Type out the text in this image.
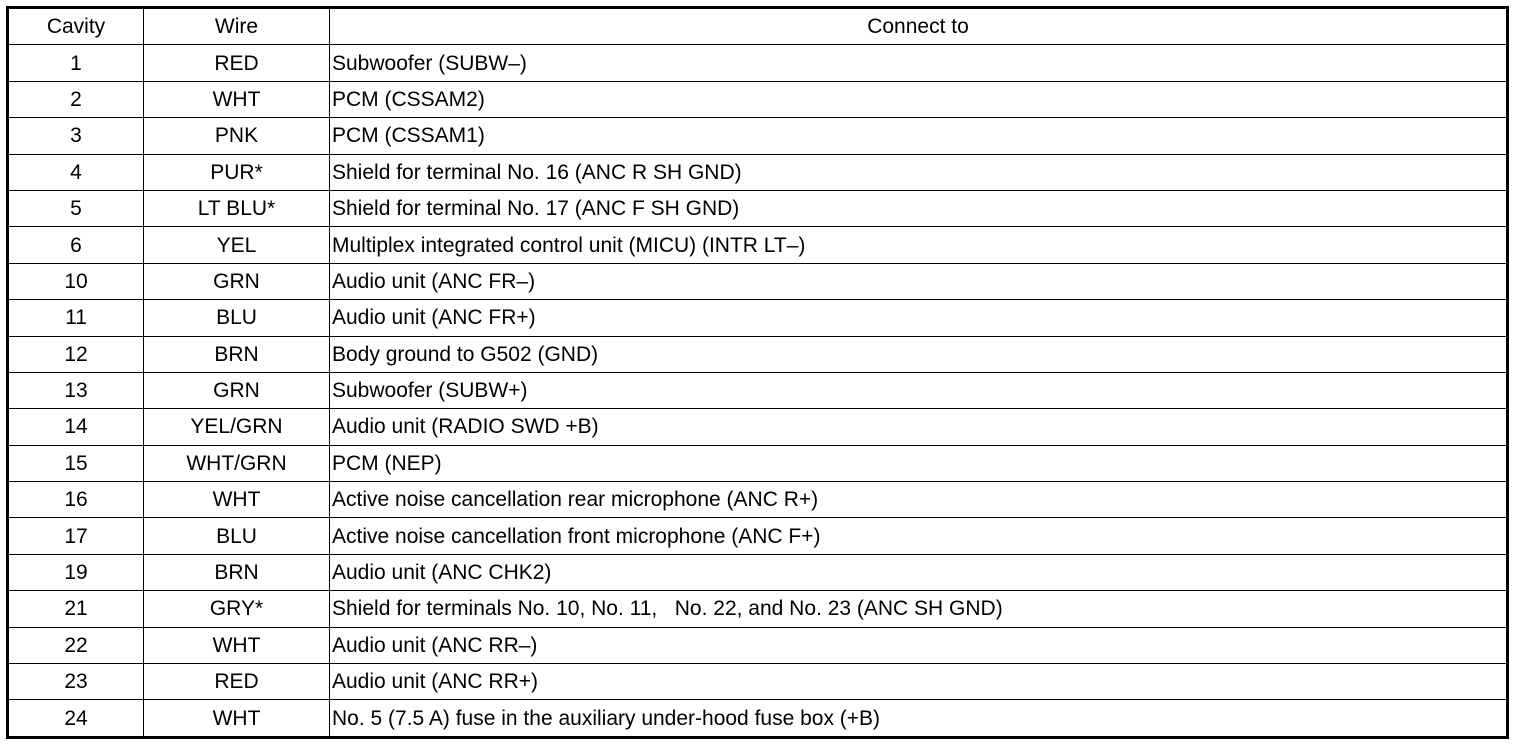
Cavity	Wire	Connect to
1	RED	Subwoofer (SUBW–)
2	WHT	PCM (CSSAM2)
3	PNK	PCM (CSSAM1)
4	PUR*	Shield for terminal No. 16 (ANC R SH GND)
5	LT BLU*	Shield for terminal No. 17 (ANC F SH GND)
6	YEL	Multiplex integrated control unit (MICU) (INTR LT–)
10	GRN	Audio unit (ANC FR–)
11	BLU	Audio unit (ANC FR+)
12	BRN	Body ground to G502 (GND)
13	GRN	Subwoofer (SUBW+)
14	YEL/GRN	Audio unit (RADIO SWD +B)
15	WHT/GRN	PCM (NEP)
16	WHT	Active noise cancellation rear microphone (ANC R+)
17	BLU	Active noise cancellation front microphone (ANC F+)
19	BRN	Audio unit (ANC CHK2)
21	GRY*	Shield for terminals No. 10, No. 11,   No. 22, and No. 23 (ANC SH GND)
22	WHT	Audio unit (ANC RR–)
23	RED	Audio unit (ANC RR+)
24	WHT	No. 5 (7.5 A) fuse in the auxiliary under-hood fuse box (+B)
